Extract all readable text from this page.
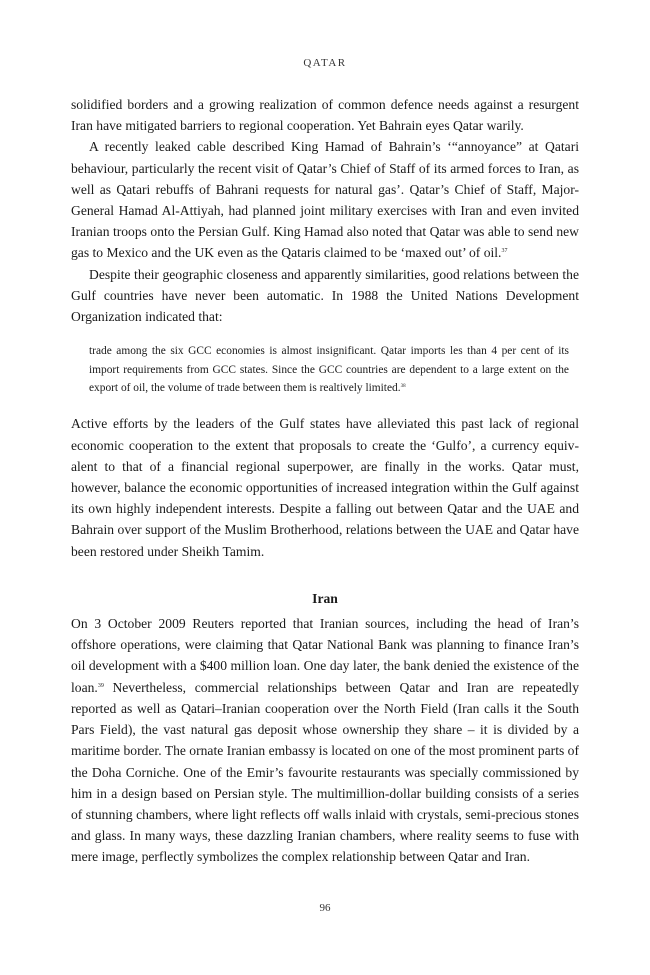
QATAR

solidified borders and a growing realization of common defence needs against a resurgent Iran have mitigated barriers to regional cooperation. Yet Bahrain eyes Qatar warily.

A recently leaked cable described King Hamad of Bahrain’s ‘“annoyance” at Qatari behaviour, particularly the recent visit of Qatar’s Chief of Staff of its armed forces to Iran, as well as Qatari rebuffs of Bahrani requests for natural gas’. Qatar’s Chief of Staff, Major-General Hamad Al-Attiyah, had planned joint military exercises with Iran and even invited Iranian troops onto the Persian Gulf. King Hamad also noted that Qatar was able to send new gas to Mexico and the UK even as the Qataris claimed to be ‘maxed out’ of oil.$^{37}$

Despite their geographic closeness and apparently similarities, good relations between the Gulf countries have never been automatic. In 1988 the United Nations Development Organization indicated that:

trade among the six GCC economies is almost insignificant. Qatar imports les than 4 per cent of its import requirements from GCC states. Since the GCC countries are dependent to a large extent on the export of oil, the volume of trade between them is realtively limited.$^{38}$

Active efforts by the leaders of the Gulf states have alleviated this past lack of regional economic cooperation to the extent that proposals to create the ‘Gulfo’, a currency equivalent to that of a financial regional superpower, are finally in the works. Qatar must, however, balance the economic opportunities of increased integration within the Gulf against its own highly independent interests. Despite a falling out between Qatar and the UAE and Bahrain over support of the Muslim Brotherhood, relations between the UAE and Qatar have been restored under Sheikh Tamim.

Iran

On 3 October 2009 Reuters reported that Iranian sources, including the head of Iran’s offshore operations, were claiming that Qatar National Bank was planning to finance Iran’s oil development with a $400 million loan. One day later, the bank denied the existence of the loan.$^{39}$ Nevertheless, commercial relationships between Qatar and Iran are repeatedly reported as well as Qatari–Iranian cooperation over the North Field (Iran calls it the South Pars Field), the vast natural gas deposit whose ownership they share – it is divided by a maritime border. The ornate Iranian embassy is located on one of the most prominent parts of the Doha Corniche. One of the Emir’s favourite restaurants was specially commissioned by him in a design based on Persian style. The multimillion-dollar building consists of a series of stunning chambers, where light reflects off walls inlaid with crystals, semi-precious stones and glass. In many ways, these dazzling Iranian chambers, where reality seems to fuse with mere image, perflectly symbolizes the complex relationship between Qatar and Iran.

96
